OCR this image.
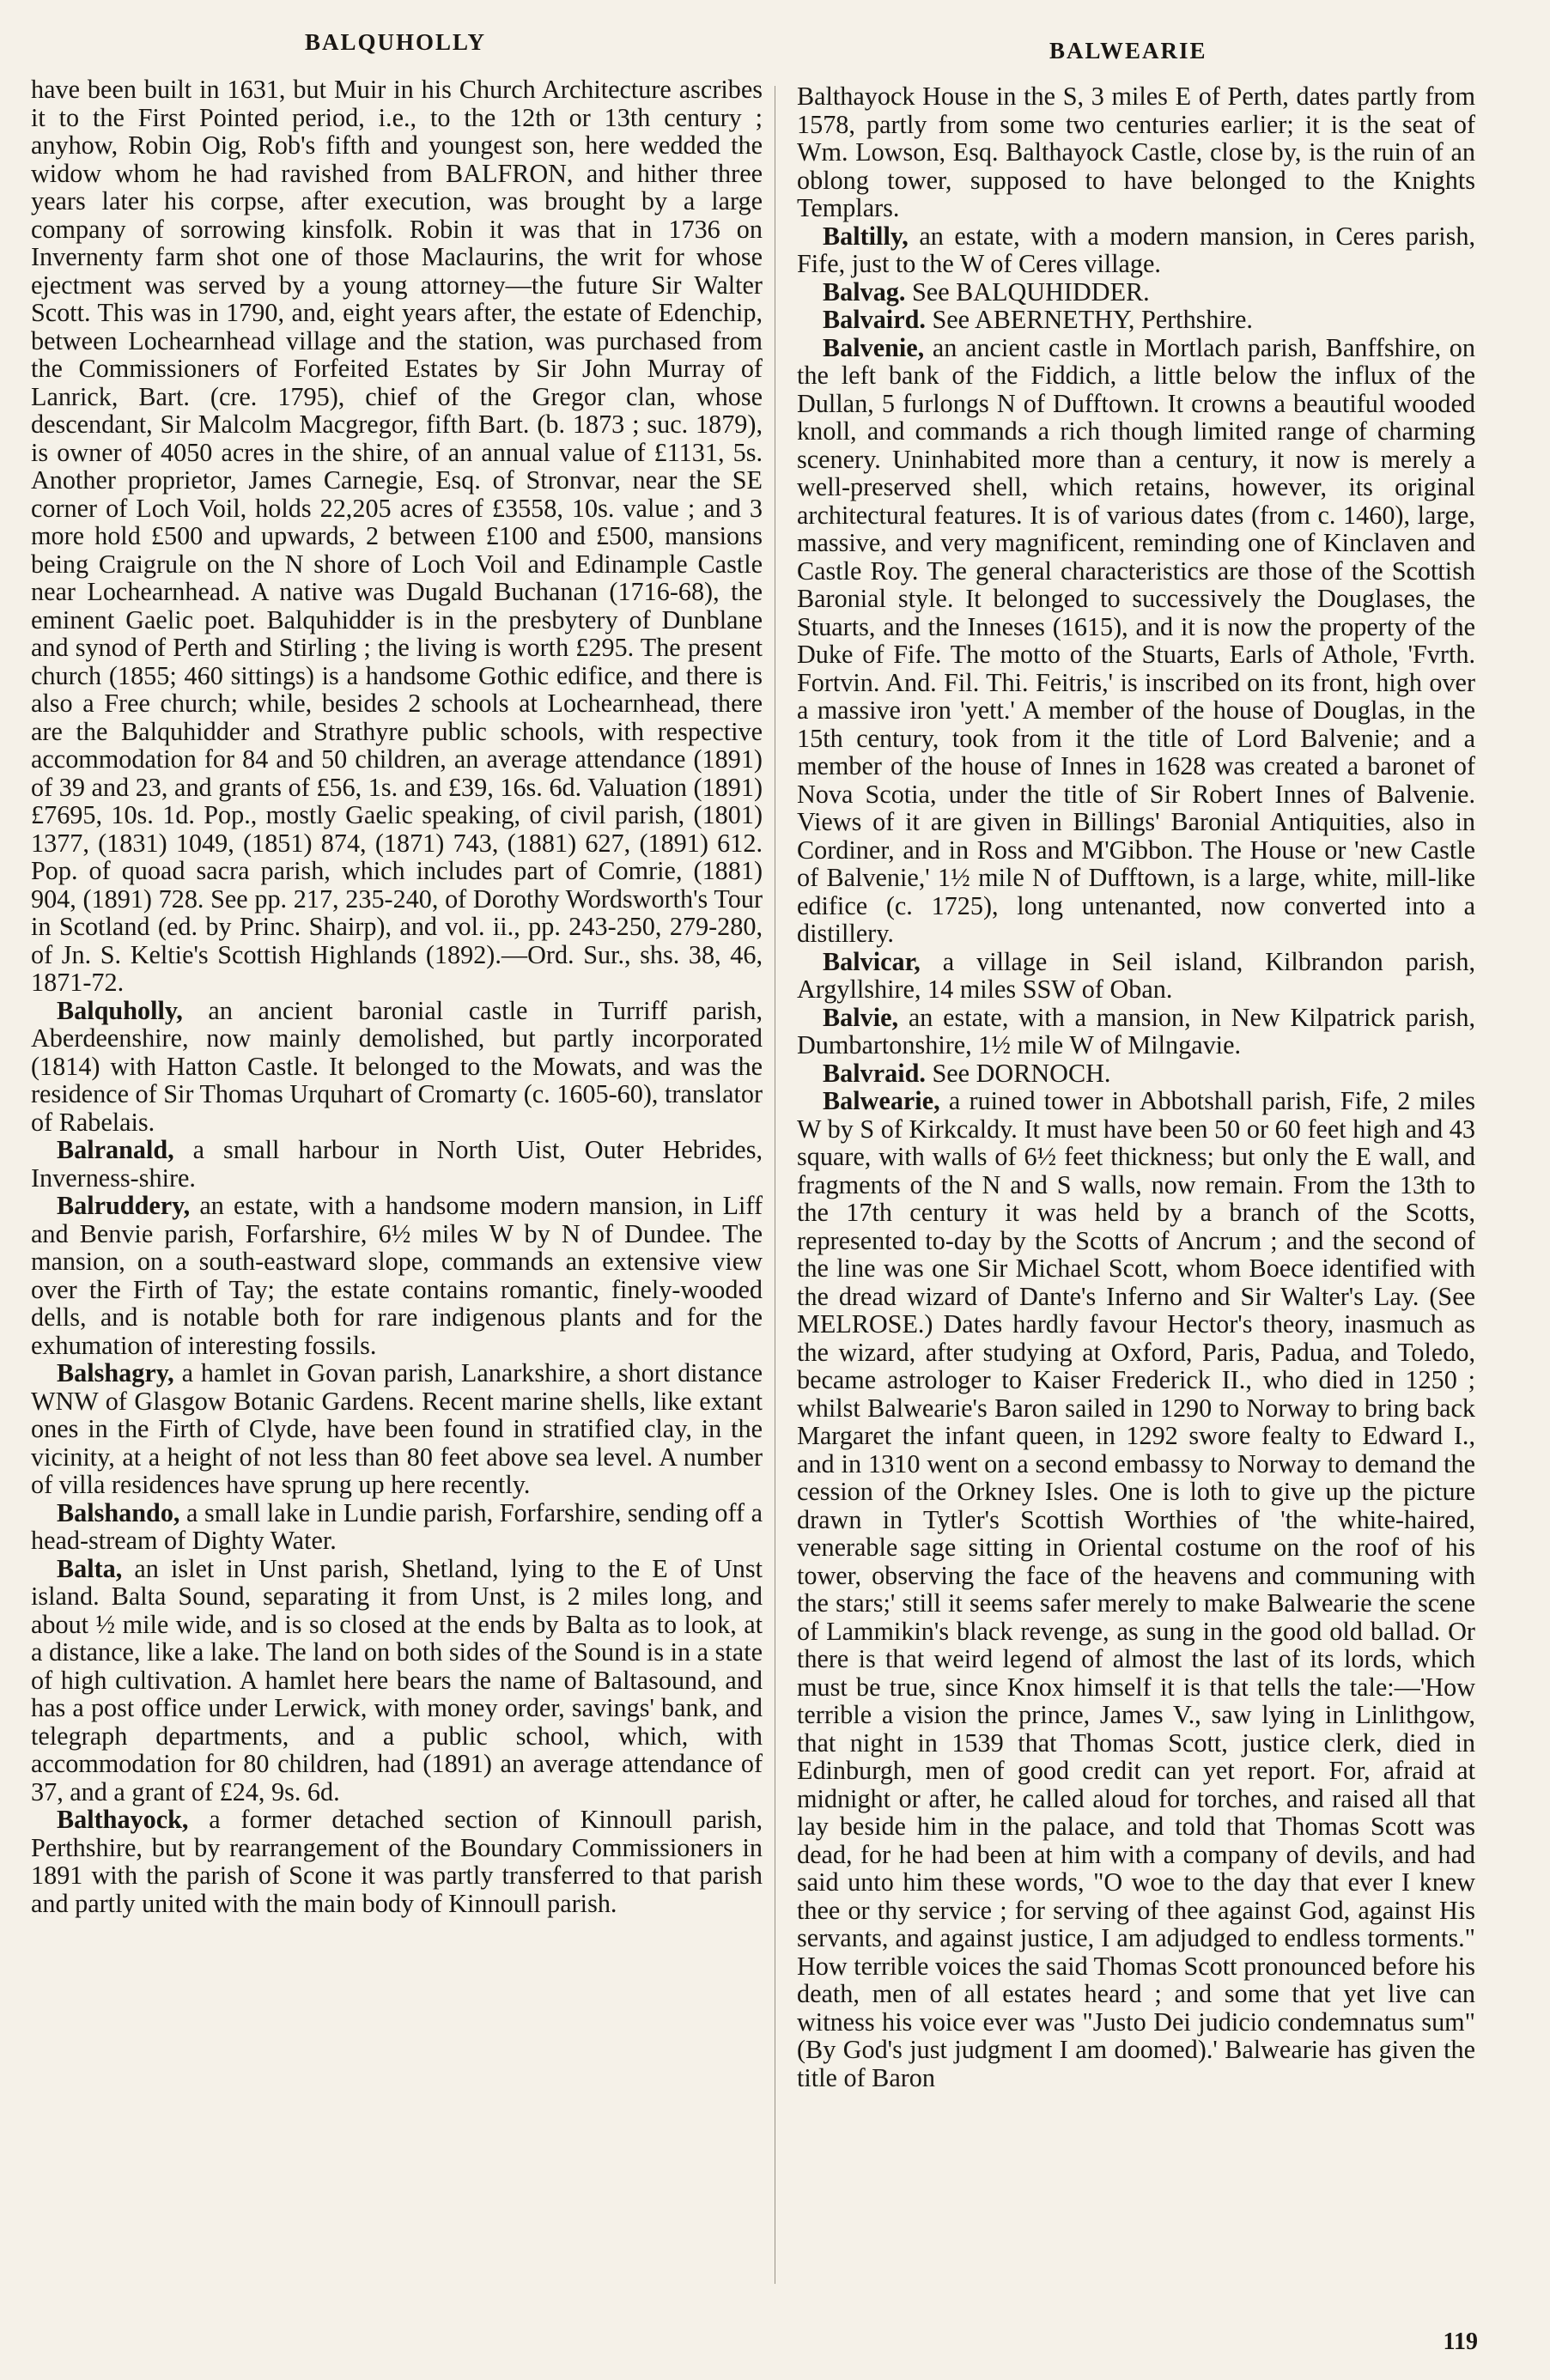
BALQUHOLLY	BALWEARIE

have been built in 1631, but Muir in his Church Architecture ascribes it to the First Pointed period, i.e., to the 12th or 13th century ; anyhow, Robin Oig, Rob's fifth and youngest son, here wedded the widow whom he had ravished from BALFRON, and hither three years later his corpse, after execution, was brought by a large company of sorrowing kinsfolk. Robin it was that in 1736 on Invernenty farm shot one of those Maclaurins, the writ for whose ejectment was served by a young attorney—the future Sir Walter Scott. This was in 1790, and, eight years after, the estate of Edenchip, between Lochearnhead village and the station, was purchased from the Commissioners of Forfeited Estates by Sir John Murray of Lanrick, Bart. (cre. 1795), chief of the Gregor clan, whose descendant, Sir Malcolm Macgregor, fifth Bart. (b. 1873 ; suc. 1879), is owner of 4050 acres in the shire, of an annual value of £1131, 5s. Another proprietor, James Carnegie, Esq. of Stronvar, near the SE corner of Loch Voil, holds 22,205 acres of £3558, 10s. value ; and 3 more hold £500 and upwards, 2 between £100 and £500, mansions being Craigrule on the N shore of Loch Voil and Edinample Castle near Lochearnhead. A native was Dugald Buchanan (1716-68), the eminent Gaelic poet. Balquhidder is in the presbytery of Dunblane and synod of Perth and Stirling ; the living is worth £295. The present church (1855; 460 sittings) is a handsome Gothic edifice, and there is also a Free church; while, besides 2 schools at Lochearnhead, there are the Balquhidder and Strathyre public schools, with respective accommodation for 84 and 50 children, an average attendance (1891) of 39 and 23, and grants of £56, 1s. and £39, 16s. 6d. Valuation (1891) £7695, 10s. 1d. Pop., mostly Gaelic speaking, of civil parish, (1801) 1377, (1831) 1049, (1851) 874, (1871) 743, (1881) 627, (1891) 612. Pop. of quoad sacra parish, which includes part of Comrie, (1881) 904, (1891) 728. See pp. 217, 235-240, of Dorothy Wordsworth's Tour in Scotland (ed. by Princ. Shairp), and vol. ii., pp. 243-250, 279-280, of Jn. S. Keltie's Scottish Highlands (1892).—Ord. Sur., shs. 38, 46, 1871-72.

Balquholly, an ancient baronial castle in Turriff parish, Aberdeenshire, now mainly demolished, but partly incorporated (1814) with Hatton Castle. It belonged to the Mowats, and was the residence of Sir Thomas Urquhart of Cromarty (c. 1605-60), translator of Rabelais.

Balranald, a small harbour in North Uist, Outer Hebrides, Inverness-shire.

Balruddery, an estate, with a handsome modern mansion, in Liff and Benvie parish, Forfarshire, 6½ miles W by N of Dundee. The mansion, on a south-eastward slope, commands an extensive view over the Firth of Tay; the estate contains romantic, finely-wooded dells, and is notable both for rare indigenous plants and for the exhumation of interesting fossils.

Balshagry, a hamlet in Govan parish, Lanarkshire, a short distance WNW of Glasgow Botanic Gardens. Recent marine shells, like extant ones in the Firth of Clyde, have been found in stratified clay, in the vicinity, at a height of not less than 80 feet above sea level. A number of villa residences have sprung up here recently.

Balshando, a small lake in Lundie parish, Forfarshire, sending off a head-stream of Dighty Water.

Balta, an islet in Unst parish, Shetland, lying to the E of Unst island. Balta Sound, separating it from Unst, is 2 miles long, and about ½ mile wide, and is so closed at the ends by Balta as to look, at a distance, like a lake. The land on both sides of the Sound is in a state of high cultivation. A hamlet here bears the name of Baltasound, and has a post office under Lerwick, with money order, savings' bank, and telegraph departments, and a public school, which, with accommodation for 80 children, had (1891) an average attendance of 37, and a grant of £24, 9s. 6d.

Balthayock, a former detached section of Kinnoull parish, Perthshire, but by rearrangement of the Boundary Commissioners in 1891 with the parish of Scone it was partly transferred to that parish and partly united with the main body of Kinnoull parish.

Balthayock House in the S, 3 miles E of Perth, dates partly from 1578, partly from some two centuries earlier; it is the seat of Wm. Lowson, Esq. Balthayock Castle, close by, is the ruin of an oblong tower, supposed to have belonged to the Knights Templars.

Baltilly, an estate, with a modern mansion, in Ceres parish, Fife, just to the W of Ceres village.

Balvag. See BALQUHIDDER.

Balvaird. See ABERNETHY, Perthshire.

Balvenie, an ancient castle in Mortlach parish, Banffshire, on the left bank of the Fiddich, a little below the influx of the Dullan, 5 furlongs N of Dufftown. It crowns a beautiful wooded knoll, and commands a rich though limited range of charming scenery. Uninhabited more than a century, it now is merely a well-preserved shell, which retains, however, its original architectural features. It is of various dates (from c. 1460), large, massive, and very magnificent, reminding one of Kinclaven and Castle Roy. The general characteristics are those of the Scottish Baronial style. It belonged to successively the Douglases, the Stuarts, and the Inneses (1615), and it is now the property of the Duke of Fife. The motto of the Stuarts, Earls of Athole, 'Fvrth. Fortvin. And. Fil. Thi. Feitris,' is inscribed on its front, high over a massive iron 'yett.' A member of the house of Douglas, in the 15th century, took from it the title of Lord Balvenie; and a member of the house of Innes in 1628 was created a baronet of Nova Scotia, under the title of Sir Robert Innes of Balvenie. Views of it are given in Billings' Baronial Antiquities, also in Cordiner, and in Ross and M'Gibbon. The House or 'new Castle of Balvenie,' 1½ mile N of Dufftown, is a large, white, mill-like edifice (c. 1725), long untenanted, now converted into a distillery.

Balvicar, a village in Seil island, Kilbrandon parish, Argyllshire, 14 miles SSW of Oban.

Balvie, an estate, with a mansion, in New Kilpatrick parish, Dumbartonshire, 1½ mile W of Milngavie.

Balvraid. See DORNOCH.

Balwearie, a ruined tower in Abbotshall parish, Fife, 2 miles W by S of Kirkcaldy. It must have been 50 or 60 feet high and 43 square, with walls of 6½ feet thickness; but only the E wall, and fragments of the N and S walls, now remain. From the 13th to the 17th century it was held by a branch of the Scotts, represented to-day by the Scotts of Ancrum ; and the second of the line was one Sir Michael Scott, whom Boece identified with the dread wizard of Dante's Inferno and Sir Walter's Lay. (See MELROSE.) Dates hardly favour Hector's theory, inasmuch as the wizard, after studying at Oxford, Paris, Padua, and Toledo, became astrologer to Kaiser Frederick II., who died in 1250 ; whilst Balwearie's Baron sailed in 1290 to Norway to bring back Margaret the infant queen, in 1292 swore fealty to Edward I., and in 1310 went on a second embassy to Norway to demand the cession of the Orkney Isles. One is loth to give up the picture drawn in Tytler's Scottish Worthies of 'the white-haired, venerable sage sitting in Oriental costume on the roof of his tower, observing the face of the heavens and communing with the stars;' still it seems safer merely to make Balwearie the scene of Lammikin's black revenge, as sung in the good old ballad. Or there is that weird legend of almost the last of its lords, which must be true, since Knox himself it is that tells the tale:—'How terrible a vision the prince, James V., saw lying in Linlithgow, that night in 1539 that Thomas Scott, justice clerk, died in Edinburgh, men of good credit can yet report. For, afraid at midnight or after, he called aloud for torches, and raised all that lay beside him in the palace, and told that Thomas Scott was dead, for he had been at him with a company of devils, and had said unto him these words, "O woe to the day that ever I knew thee or thy service ; for serving of thee against God, against His servants, and against justice, I am adjudged to endless torments." How terrible voices the said Thomas Scott pronounced before his death, men of all estates heard ; and some that yet live can witness his voice ever was "Justo Dei judicio condemnatus sum" (By God's just judgment I am doomed).' Balwearie has given the title of Baron

119
